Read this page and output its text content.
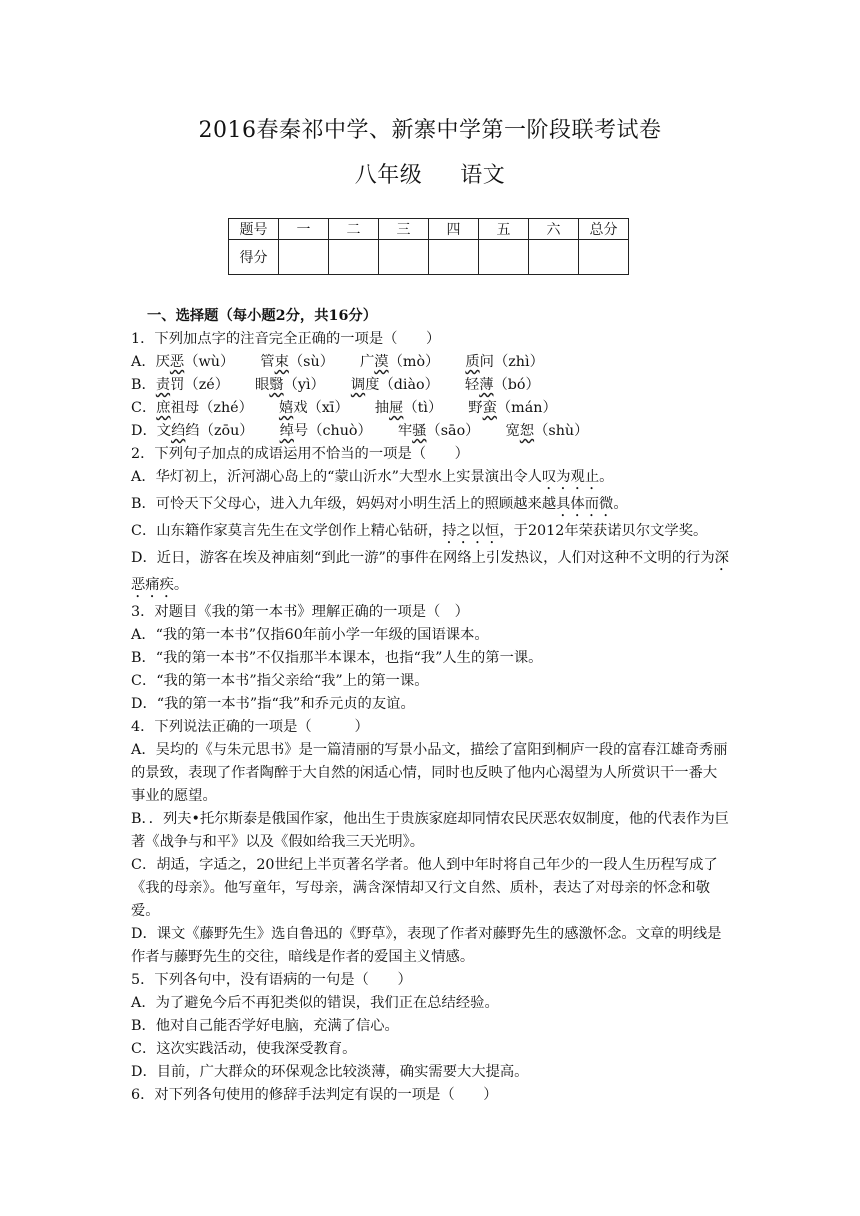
2016春秦祁中学、新寨中学第一阶段联考试卷
八年级 语文
题号	一	二	三	四	五	六	总分
得分							

一、选择题（每小题2分，共16分）

1．下列加点字的注音完全正确的一项是（　　）

A．厌恶（wù） 管束（sù） 广漠（mò） 质问（zhì）

B．责罚（zé） 眼翳（yì） 调度（diào） 轻薄（bó）

C．庶祖母（zhé） 嬉戏（xī） 抽屉（tì） 野蛮（mán）

D．文绉绉（zōu） 绰号（chuò） 牢骚（sāo） 宽恕（shù）

2．下列句子加点的成语运用不恰当的一项是（　　）

A．华灯初上，沂河湖心岛上的“蒙山沂水”大型水上实景演出令人叹为观止。

B．可怜天下父母心，进入九年级，妈妈对小明生活上的照顾越来越具体而微。

C．山东籍作家莫言先生在文学创作上精心钻研，持之以恒，于2012年荣获诺贝尔文学奖。

D．近日，游客在埃及神庙刻“到此一游”的事件在网络上引发热议，人们对这种不文明的行为深恶痛疾。

3．对题目《我的第一本书》理解正确的一项是（　）

A．“我的第一本书”仅指60年前小学一年级的国语课本。

B．“我的第一本书”不仅指那半本课本，也指“我”人生的第一课。

C．“我的第一本书”指父亲给“我”上的第一课。

D．“我的第一本书”指“我”和乔元贞的友谊。

4．下列说法正确的一项是（　　　）

A．吴均的《与朱元思书》是一篇清丽的写景小品文，描绘了富阳到桐庐一段的富春江雄奇秀丽的景致，表现了作者陶醉于大自然的闲适心情，同时也反映了他内心渴望为人所赏识干一番大事业的愿望。

B．．列夫•托尔斯泰是俄国作家，他出生于贵族家庭却同情农民厌恶农奴制度，他的代表作为巨著《战争与和平》以及《假如给我三天光明》。

C．胡适，字适之，20世纪上半页著名学者。他人到中年时将自己年少的一段人生历程写成了《我的母亲》。他写童年，写母亲，满含深情却又行文自然、质朴，表达了对母亲的怀念和敬爱。

D．课文《藤野先生》选自鲁迅的《野草》，表现了作者对藤野先生的感激怀念。文章的明线是作者与藤野先生的交往，暗线是作者的爱国主义情感。

5．下列各句中，没有语病的一句是（　　）

A．为了避免今后不再犯类似的错误，我们正在总结经验。

B．他对自己能否学好电脑，充满了信心。

C．这次实践活动，使我深受教育。

D．目前，广大群众的环保观念比较淡薄，确实需要大大提高。

6．对下列各句使用的修辞手法判定有误的一项是（　　）
